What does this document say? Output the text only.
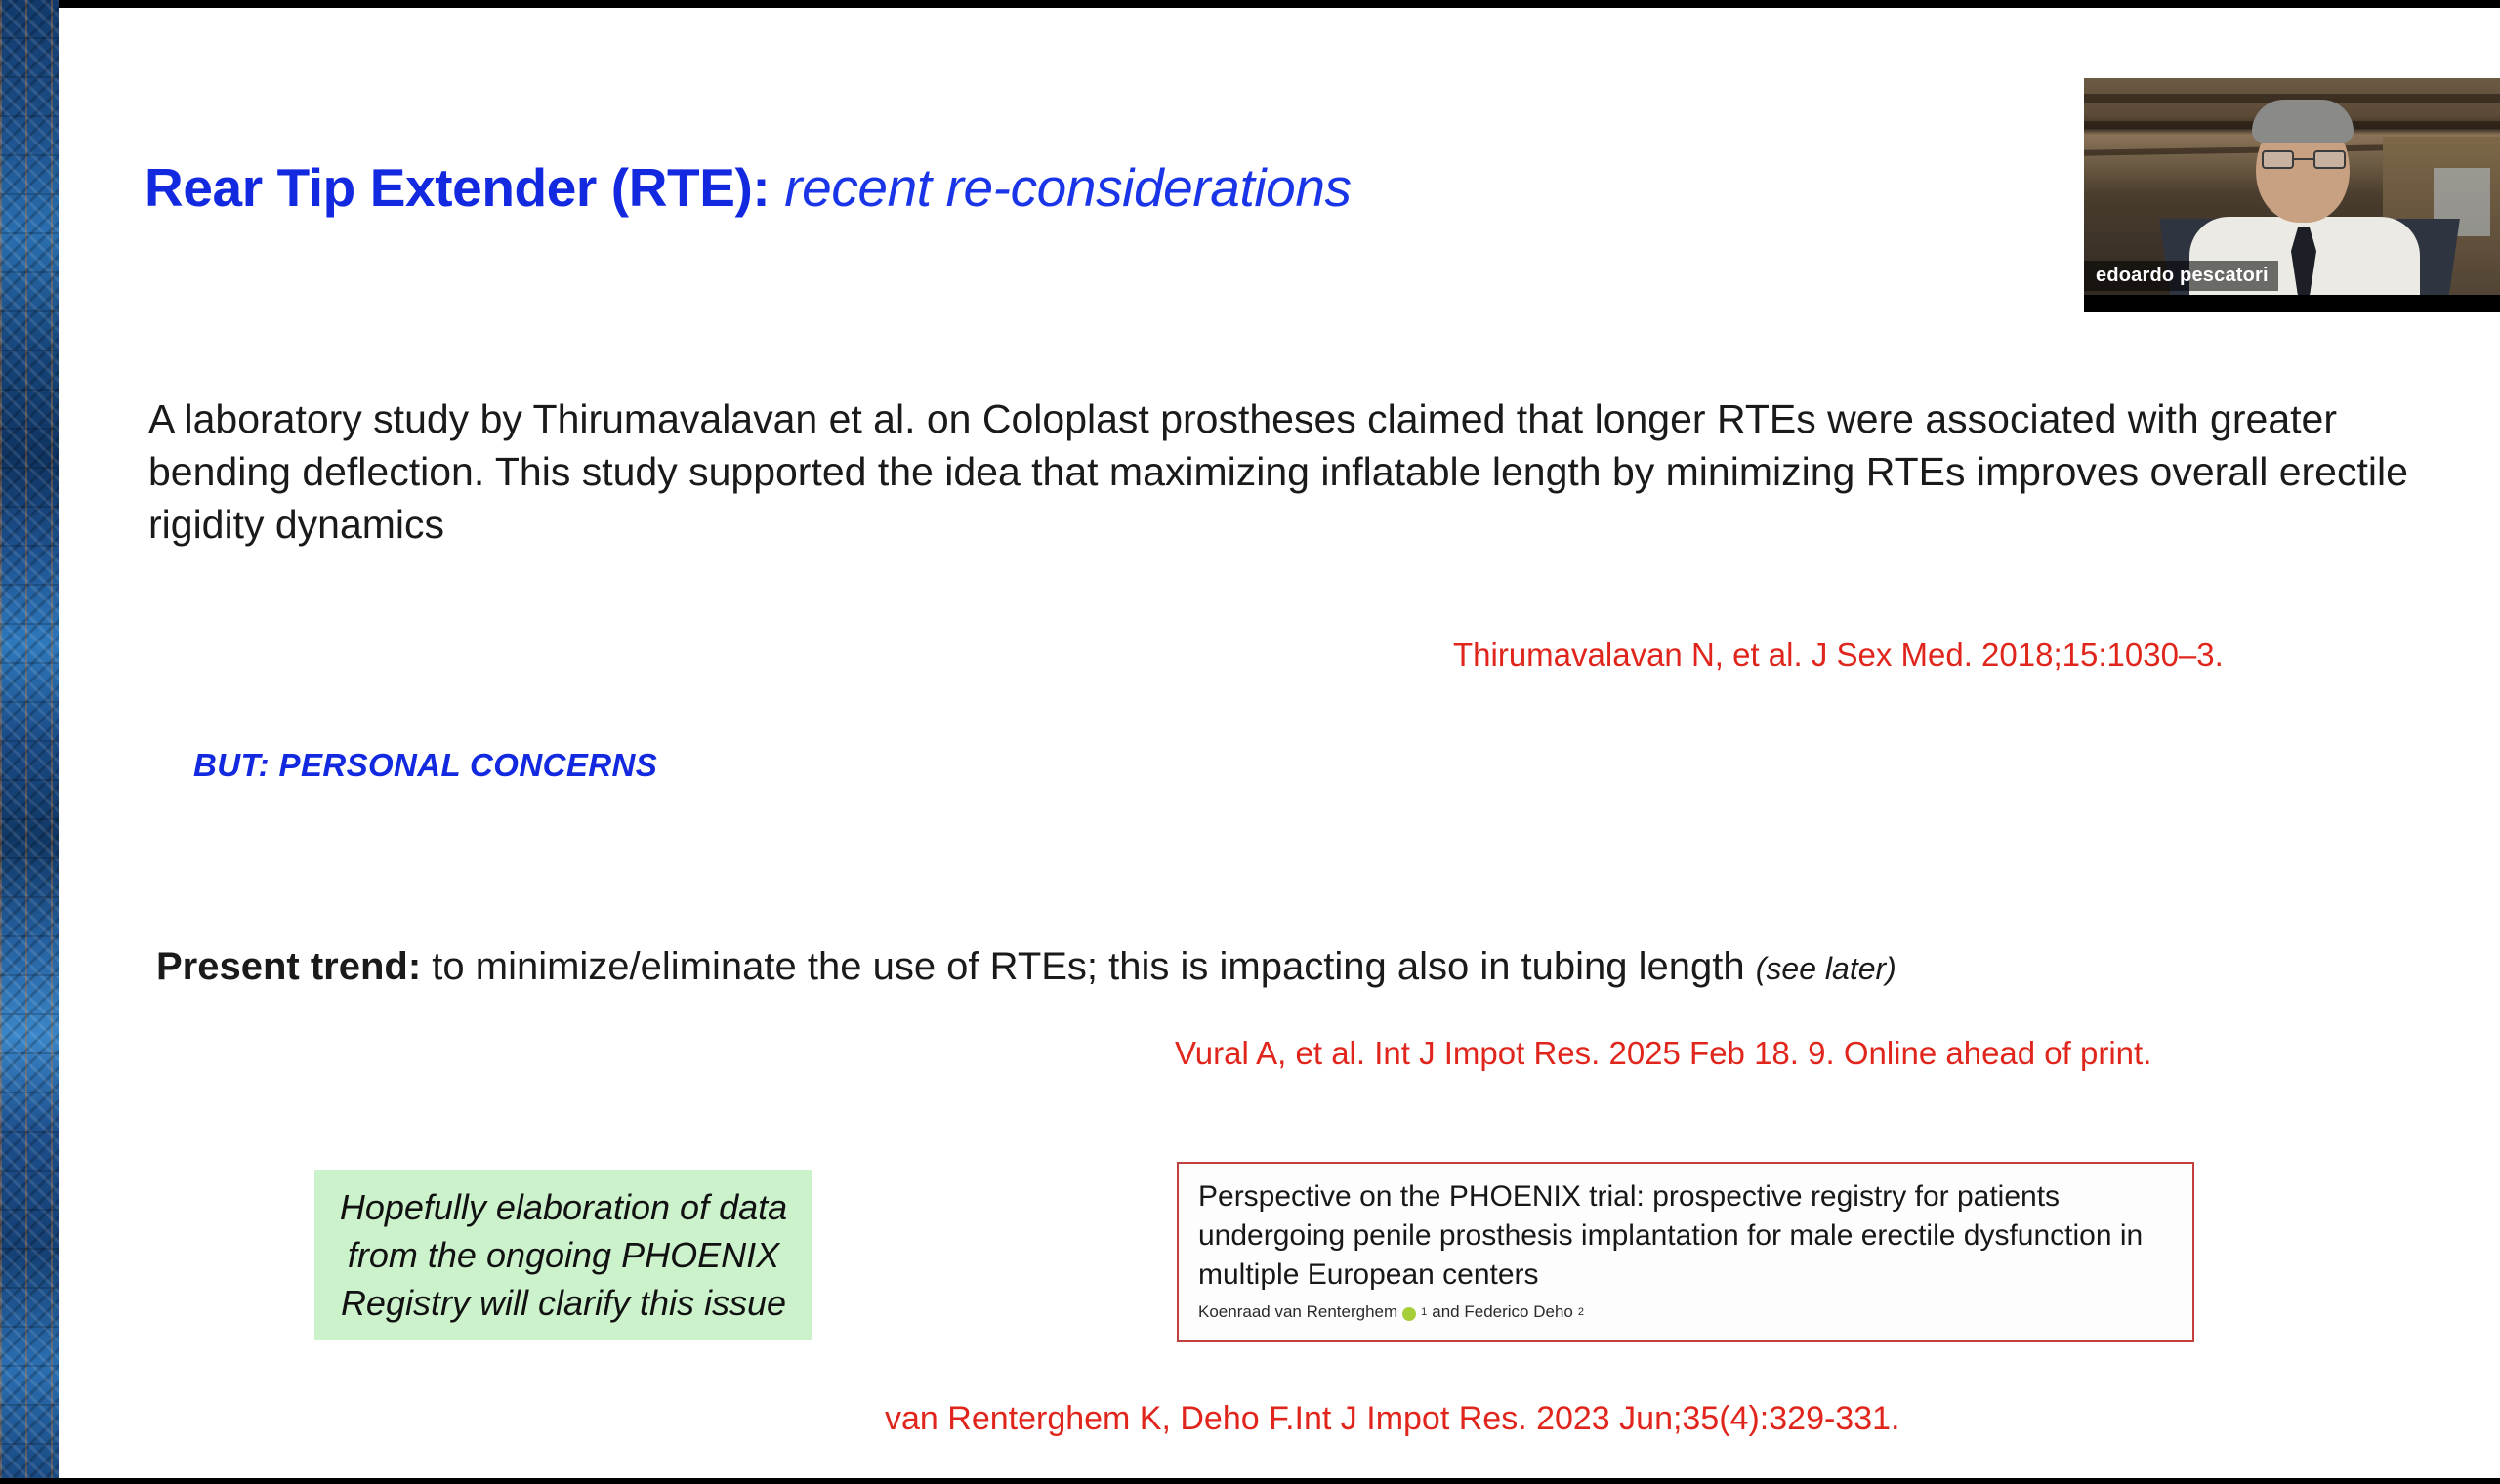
Rear Tip Extender (RTE): recent re-considerations
A laboratory study by Thirumavalavan et al. on Coloplast prostheses claimed that longer RTEs were associated with greater bending deflection. This study supported the idea that maximizing inflatable length by minimizing RTEs improves overall erectile rigidity dynamics
Thirumavalavan N, et al. J Sex Med. 2018;15:1030–3.
BUT: PERSONAL CONCERNS
Present trend: to minimize/eliminate the use of RTEs; this is impacting also in tubing length (see later)
Vural A, et al. Int J Impot Res. 2025 Feb 18. 9. Online ahead of print.
Hopefully elaboration of data from the ongoing PHOENIX Registry will clarify this issue
Perspective on the PHOENIX trial: prospective registry for patients undergoing penile prosthesis implantation for male erectile dysfunction in multiple European centers
Koenraad van Renterghem 1 and Federico Deho 2
van Renterghem K, Deho F.Int J Impot Res. 2023 Jun;35(4):329-331.
edoardo pescatori
